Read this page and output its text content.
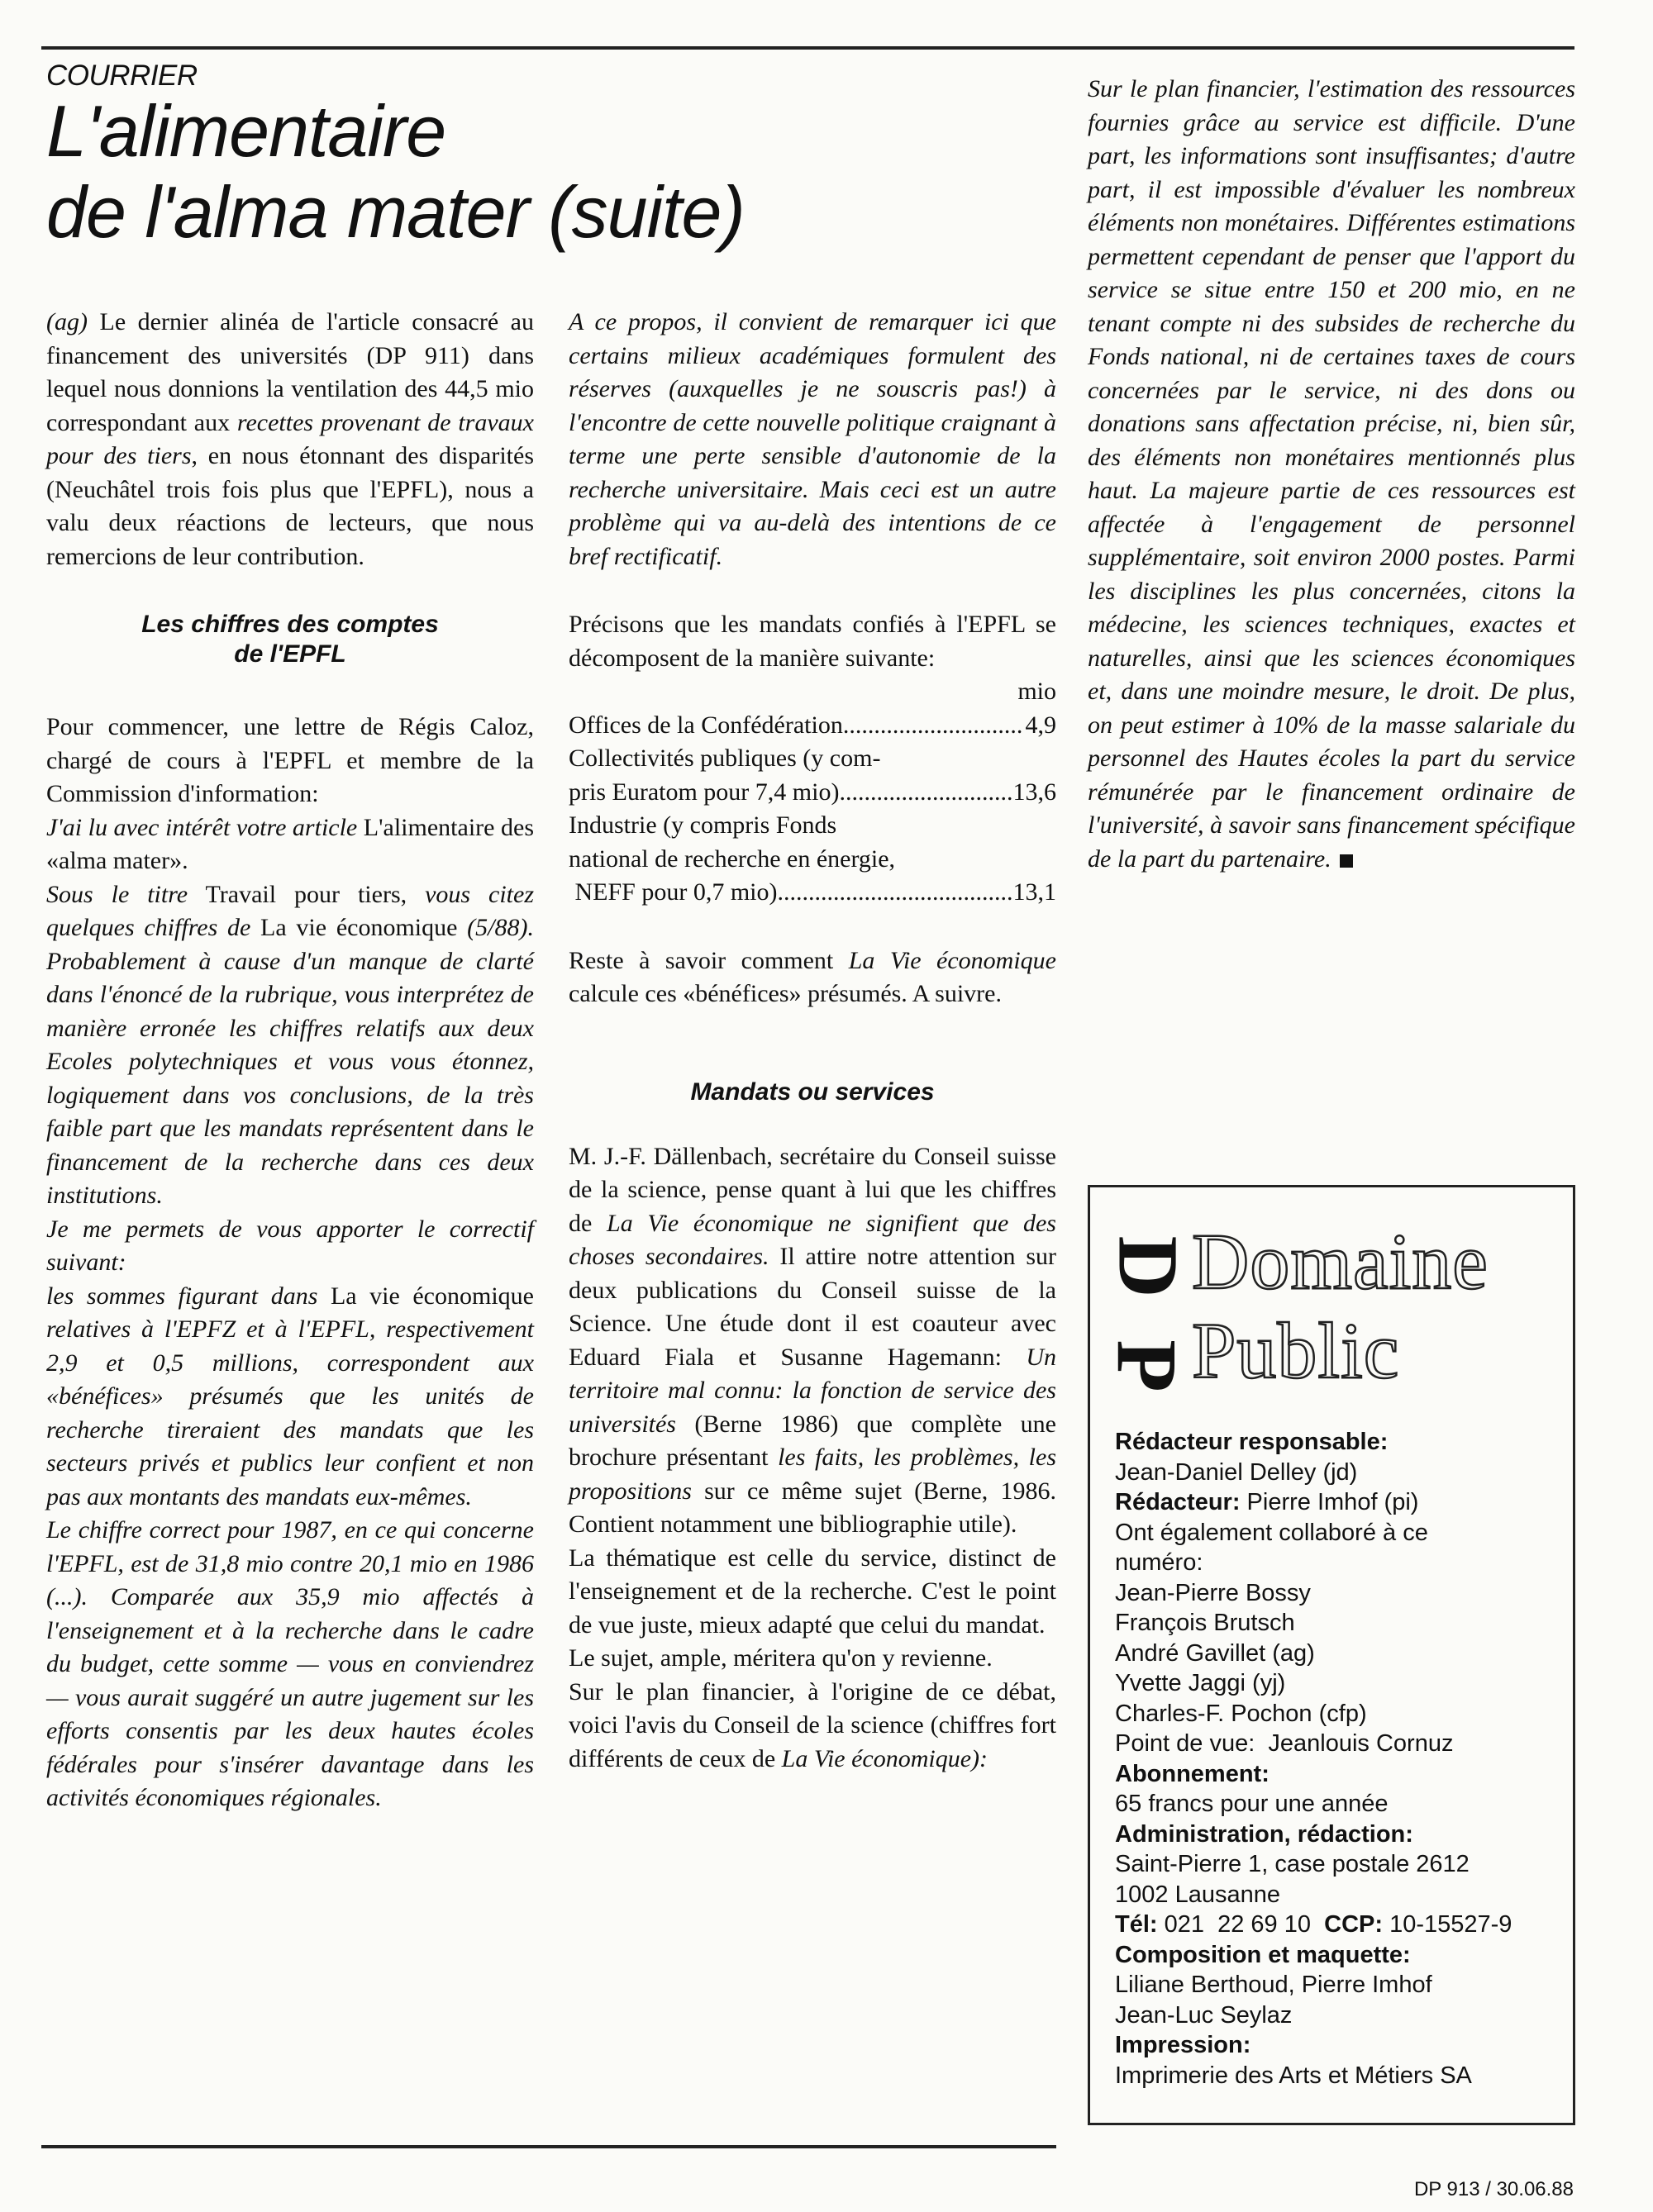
COURRIER
L'alimentaire
de l'alma mater (suite)

(ag) Le dernier alinéa de l'article consacré au financement des universités (DP 911) dans lequel nous donnions la ventilation des 44,5 mio correspondant aux recettes provenant de travaux pour des tiers, en nous étonnant des disparités (Neuchâtel trois fois plus que l'EPFL), nous a valu deux réactions de lecteurs, que nous remercions de leur contribution.

Les chiffres des comptes
de l'EPFL

Pour commencer, une lettre de Régis Caloz, chargé de cours à l'EPFL et membre de la Commission d'information:

J'ai lu avec intérêt votre article L'alimentaire des «alma mater».

Sous le titre Travail pour tiers, vous citez quelques chiffres de La vie économique (5/88). Probablement à cause d'un manque de clarté dans l'énoncé de la rubrique, vous interprétez de manière erronée les chiffres relatifs aux deux Ecoles polytechniques et vous vous étonnez, logiquement dans vos conclusions, de la très faible part que les mandats représentent dans le financement de la recherche dans ces deux institutions.

Je me permets de vous apporter le correctif suivant:

les sommes figurant dans La vie économique relatives à l'EPFZ et à l'EPFL, respectivement 2,9 et 0,5 millions, correspondent aux «bénéfices» présumés que les unités de recherche tireraient des mandats que les secteurs privés et publics leur confient et non pas aux montants des mandats eux-mêmes.

Le chiffre correct pour 1987, en ce qui concerne l'EPFL, est de 31,8 mio contre 20,1 mio en 1986 (...). Comparée aux 35,9 mio affectés à l'enseignement et à la recherche dans le cadre du budget, cette somme — vous en conviendrez — vous aurait suggéré un autre jugement sur les efforts consentis par les deux hautes écoles fédérales pour s'insérer davantage dans les activités économiques régionales.

A ce propos, il convient de remarquer ici que certains milieux académiques formulent des réserves (auxquelles je ne souscris pas!) à l'encontre de cette nouvelle politique craignant à terme une perte sensible d'autonomie de la recherche universitaire. Mais ceci est un autre problème qui va au-delà des intentions de ce bref rectificatif.

Précisons que les mandats confiés à l'EPFL se décomposent de la manière suivante:

mio
Offices de la Confédération .....	4,9
Collectivités publiques (y com-
pris Euratom pour 7,4 mio) .....	13,6
Industrie (y compris Fonds
national de recherche en énergie,
NEFF pour 0,7 mio) .....	13,1

Reste à savoir comment La Vie économique calcule ces «bénéfices» présumés. A suivre.

Mandats ou services

M. J.-F. Dällenbach, secrétaire du Conseil suisse de la science, pense quant à lui que les chiffres de La Vie économique ne signifient que des choses secondaires. Il attire notre attention sur deux publications du Conseil suisse de la Science. Une étude dont il est coauteur avec Eduard Fiala et Susanne Hagemann: Un territoire mal connu: la fonction de service des universités (Berne 1986) que complète une brochure présentant les faits, les problèmes, les propositions sur ce même sujet (Berne, 1986. Contient notamment une bibliographie utile).

La thématique est celle du service, distinct de l'enseignement et de la recherche. C'est le point de vue juste, mieux adapté que celui du mandat.

Le sujet, ample, méritera qu'on y revienne.

Sur le plan financier, à l'origine de ce débat, voici l'avis du Conseil de la science (chiffres fort différents de ceux de La Vie économique):

Sur le plan financier, l'estimation des ressources fournies grâce au service est difficile. D'une part, les informations sont insuffisantes; d'autre part, il est impossible d'évaluer les nombreux éléments non monétaires. Différentes estimations permettent cependant de penser que l'apport du service se situe entre 150 et 200 mio, en ne tenant compte ni des subsides de recherche du Fonds national, ni de certaines taxes de cours concernées par le service, ni des dons ou donations sans affectation précise, ni, bien sûr, des éléments non monétaires mentionnés plus haut. La majeure partie de ces ressources est affectée à l'engagement de personnel supplémentaire, soit environ 2000 postes. Parmi les disciplines les plus concernées, citons la médecine, les sciences techniques, exactes et naturelles, ainsi que les sciences économiques et, dans une moindre mesure, le droit. De plus, on peut estimer à 10% de la masse salariale du personnel des Hautes écoles la part du service rémunérée par le financement ordinaire de l'université, à savoir sans financement spécifique de la part du partenaire.

D
P
Domaine
Public
Rédacteur responsable:
Jean-Daniel Delley (jd)
Rédacteur: Pierre Imhof (pi)
Ont également collaboré à ce
numéro:
Jean-Pierre Bossy
François Brutsch
André Gavillet (ag)
Yvette Jaggi (yj)
Charles-F. Pochon (cfp)
Point de vue:  Jeanlouis Cornuz
Abonnement:
65 francs pour une année
Administration, rédaction:
Saint-Pierre 1, case postale 2612
1002 Lausanne
Tél: 021  22 69 10  CCP: 10-15527-9
Composition et maquette:
Liliane Berthoud, Pierre Imhof
Jean-Luc Seylaz
Impression:
Imprimerie des Arts et Métiers SA
DP 913 / 30.06.88
